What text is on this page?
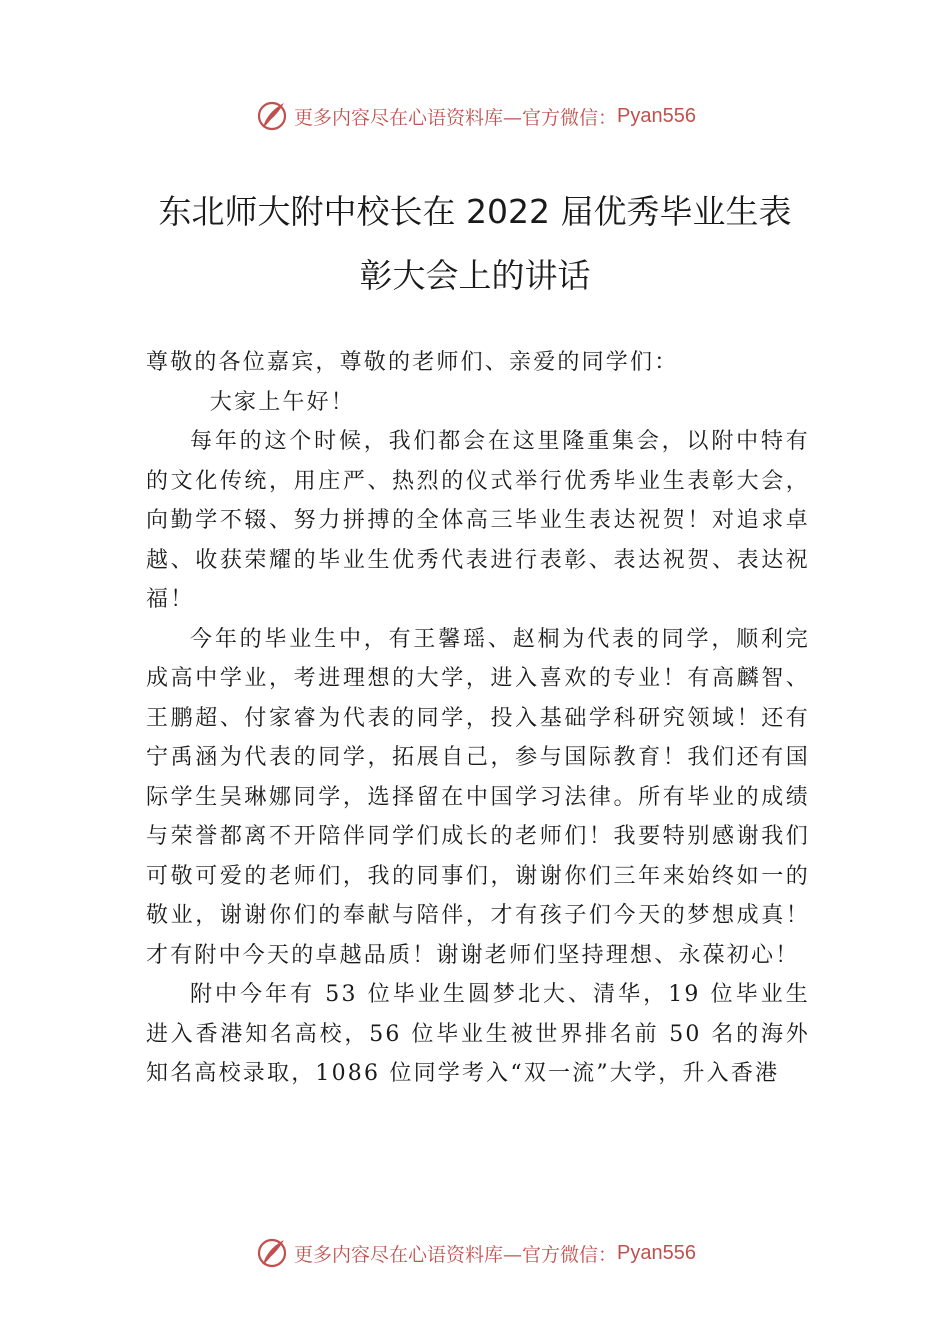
更多内容尽在心语资料库—官方微信： Pyan556
东北师大附中校长在 2022 届优秀毕业生表
彰大会上的讲话

尊敬的各位嘉宾，尊敬的老师们、亲爱的同学们：

大家上午好！

每年的这个时候，我们都会在这里隆重集会，以附中特有的文化传统，用庄严、热烈的仪式举行优秀毕业生表彰大会，向勤学不辍、努力拼搏的全体高三毕业生表达祝贺！对追求卓越、收获荣耀的毕业生优秀代表进行表彰、表达祝贺、表达祝福！

今年的毕业生中，有王馨瑶、赵桐为代表的同学，顺利完成高中学业，考进理想的大学，进入喜欢的专业！有高麟智、王鹏超、付家睿为代表的同学，投入基础学科研究领域！还有宁禹涵为代表的同学，拓展自己，参与国际教育！我们还有国际学生吴琳娜同学，选择留在中国学习法律。所有毕业的成绩与荣誉都离不开陪伴同学们成长的老师们！我要特别感谢我们可敬可爱的老师们，我的同事们，谢谢你们三年来始终如一的敬业，谢谢你们的奉献与陪伴，才有孩子们今天的梦想成真！才有附中今天的卓越品质！谢谢老师们坚持理想、永葆初心！

附中今年有 53 位毕业生圆梦北大、清华，19 位毕业生进入香港知名高校，56 位毕业生被世界排名前 50 名的海外知名高校录取，1086 位同学考入“双一流”大学，升入香港

更多内容尽在心语资料库—官方微信： Pyan556
